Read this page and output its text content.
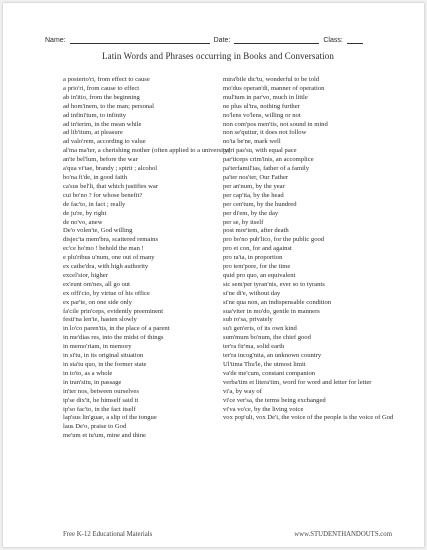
Name:	Date:	Class:
Latin Words and Phrases occurring in Books and Conversation
a posterio'ri, from effect to cause
a prio'ri, from cause to effect
ab in'itio, from the beginning
ad hom'inem, to the man; personal
ad infini'tum, to infinity
ad in'terim, in the mean while
ad lib'itum, at pleasure
ad valo'rem, according to value
al'ma ma'ter, a cherishing mother (often applied to a university)
an'te bel'lum, before the war
a'qua vi'tae, brandy ; spirit ; alcohol
bo'na fi'de, in good faith
ca'sus bel'li, that which justifies war
cui bo'no ? for whose benefit?
de fac'to, in fact ; really
de ju're, by right
de no'vo, anew
De'o volen'te, God willing
disjec'ta mem'bra, scattered remains
ec'ce ho'mo ! behold the man !
e plu'ribus u'num, one out of many
ex cathe'dra, with high authority
excel'sior, higher
ex'eunt om'nes, all go out
ex offi'cio, by virtue of his office
ex par'te, on one side only
fa'cile prin'ceps, evidently preeminent
festi'na len'te, hasten slowly
in lo'co paren'tis, in the place of a parent
in me'dias res, into the midst of things
in memo'riam, in memory
in si'tu, in its original situation
in sta'tu quo, in the former state
in to'to, as a whole
in tran'situ, in passage
in'ter nos, between ourselves
ip'se dix'it, he himself said it
ip'so fac'to, in the fact itself
lap'sus lin'guae, a slip of the tongue
laus De'o, praise to God
me'um et tu'um, mine and thine
mira'bile dic'tu, wonderful to be told
mo'dus operan'di, manner of operation
mul'tum in par'vo, much in little
ne plus ul'tra, nothing further
no'lens vo'lens, willing or not
non com'pos men'tis, not sound in mind
non se'quitur, it does not follow
no'ta be'ne, mark well
pa'ri pas'su, with equal pace
par'ticeps crim'inis, an accomplice
pa'terfamil'ias, father of a family
pa'ter nos'ter, Our Father
per an'num, by the year
per cap'ita, by the head
per cen'tum, by the hundred
per di'em, by the day
per se, by itself
post mor'tem, after death
pro bo'no pub'lico, for the public good
pro et con, for and against
pro ra'ta, in proportion
pro tem'pore, for the time
quid pro quo, an equivalent
sic sem'per tyran'nis, ever so to tyrants
si'ne di'e, without day
si'ne qua non, an indispensable condition
sua'viter in mo'do, gentle in manners
sub ro'sa, privately
su'i gen'eris, of its own kind
sum'mum bo'num, the chief good
ter'ra fir'ma, solid earth
ter'ra incog'nita, an unknown country
Ul'tima Thu'le, the utmost limit
va'de me'cum, constant companion
verba'tim et litera'tim, word for word and letter for letter
vi'a, by way of
vi'ce ver'sa, the terms being exchanged
vi'va vo'ce, by the living voice
vox pop'uli, vox De'i, the voice of the people is the voice of God
Free K-12 Educational Materials	www.STUDENTHANDOUTS.com
